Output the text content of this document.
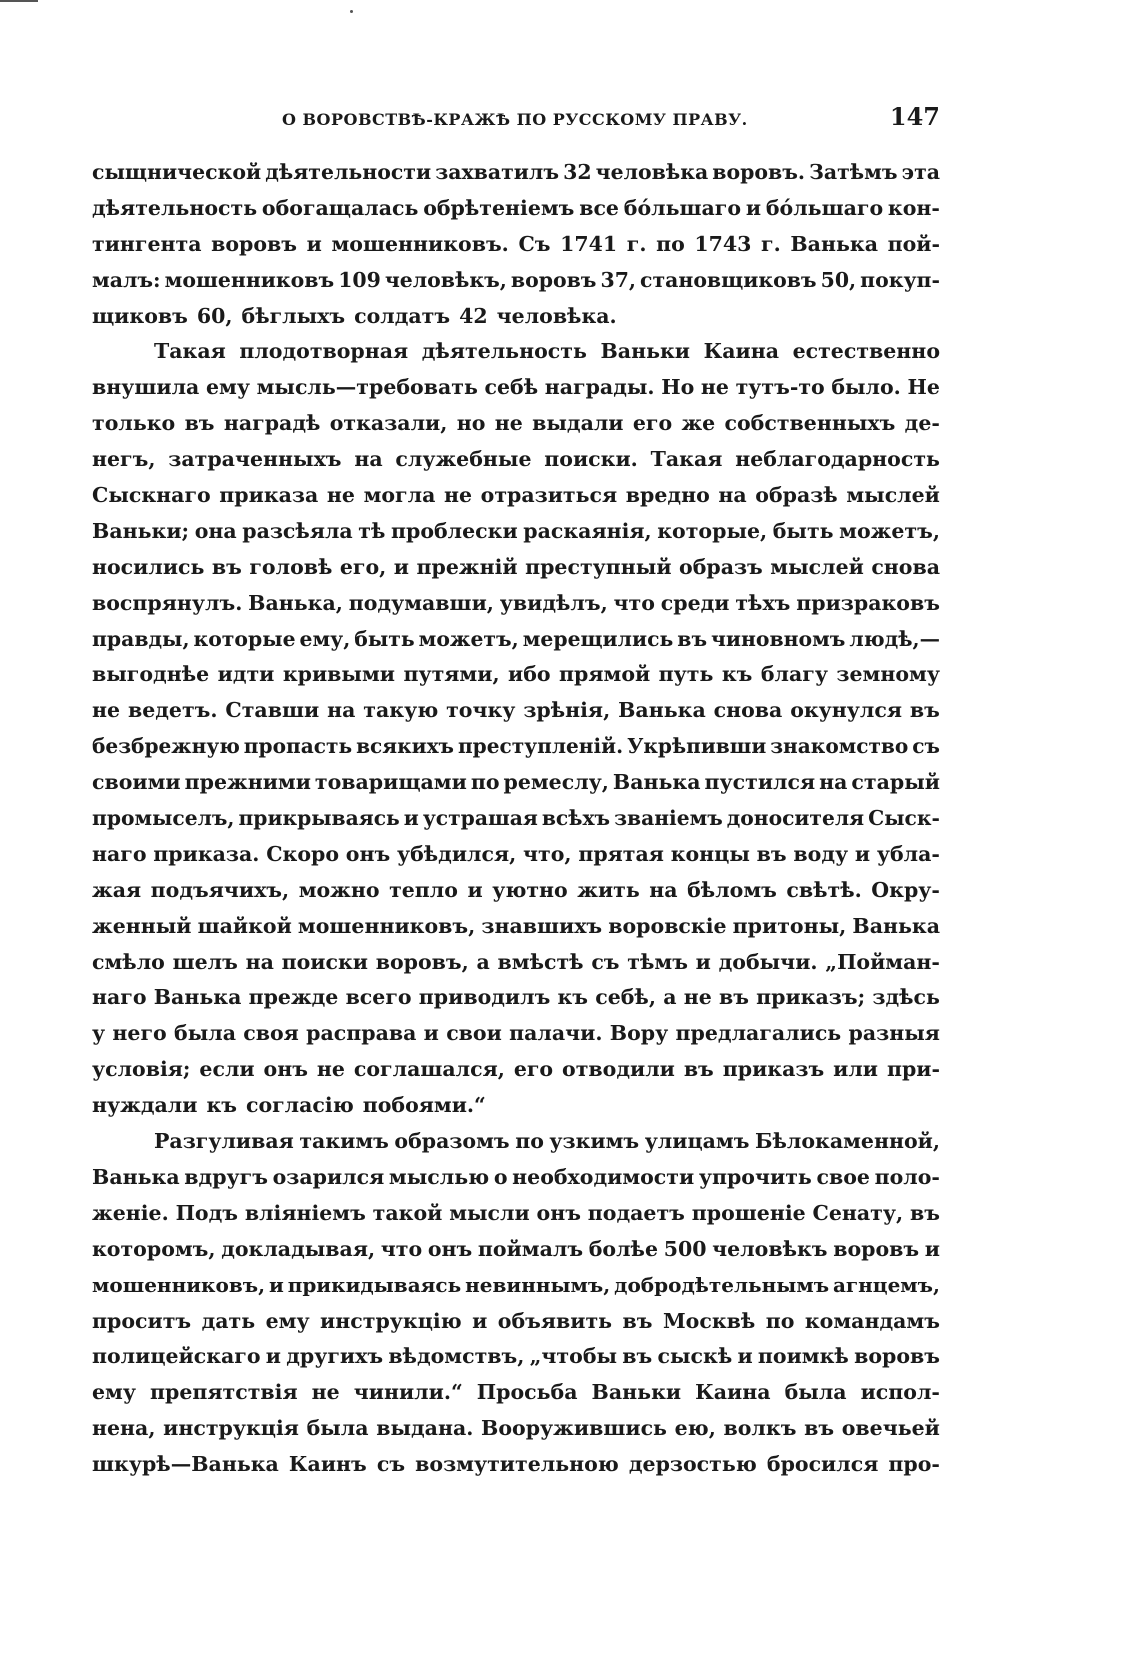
О ВОРОВСТВѢ-КРАЖѢ ПО РУССКОМУ ПРАВУ.	147
сыщнической дѣятельности захватилъ 32 человѣка воровъ. Затѣмъ эта
дѣятельность обогащалась обрѣтеніемъ все бóльшаго и бóльшаго кон-
тингента воровъ и мошенниковъ. Съ 1741 г. по 1743 г. Ванька пой-
малъ: мошенниковъ 109 человѣкъ, воровъ 37, становщиковъ 50, покуп-
щиковъ 60, бѣглыхъ солдатъ 42 человѣка.
Такая плодотворная дѣятельность Ваньки Каина естественно
внушила ему мысль—требовать себѣ награды. Но не тутъ-то было. Не
только въ наградѣ отказали, но не выдали его же собственныхъ де-
негъ, затраченныхъ на служебные поиски. Такая неблагодарность
Сыскнаго приказа не могла не отразиться вредно на образѣ мыслей
Ваньки; она разсѣяла тѣ проблески раскаянія, которые, быть можетъ,
носились въ головѣ его, и прежній преступный образъ мыслей снова
воспрянулъ. Ванька, подумавши, увидѣлъ, что среди тѣхъ призраковъ
правды, которые ему, быть можетъ, мерещились въ чиновномъ людѣ,—
выгоднѣе идти кривыми путями, ибо прямой путь къ благу земному
не ведетъ. Ставши на такую точку зрѣнія, Ванька снова окунулся въ
безбрежную пропасть всякихъ преступленій. Укрѣпивши знакомство съ
своими прежними товарищами по ремеслу, Ванька пустился на старый
промыселъ, прикрываясь и устрашая всѣхъ званіемъ доносителя Сыск-
наго приказа. Скоро онъ убѣдился, что, прятая концы въ воду и ублa-
жая подъячихъ, можно тепло и уютно жить на бѣломъ свѣтѣ. Окру-
женный шайкой мошенниковъ, знавшихъ воровскіе притоны, Ванька
смѣло шелъ на поиски воровъ, а вмѣстѣ съ тѣмъ и добычи. „Пойман-
наго Ванька прежде всего приводилъ къ себѣ, а не въ приказъ; здѣсь
у него была своя расправа и свои палачи. Вору предлагались разныя
условія; если онъ не соглашался, его отводили въ приказъ или при-
нуждали къ согласію побоями.“
Разгуливая такимъ образомъ по узкимъ улицамъ Бѣлокаменной,
Ванька вдругъ озарился мыслью о необходимости упрочить свое поло-
женіе. Подъ вліяніемъ такой мысли онъ подаетъ прошеніе Сенату, въ
которомъ, докладывая, что онъ поймалъ болѣе 500 человѣкъ воровъ и
мошенниковъ, и прикидываясь невиннымъ, добродѣтельнымъ агнцемъ,
проситъ дать ему инструкцію и объявить въ Москвѣ по командамъ
полицейскаго и другихъ вѣдомствъ, „чтобы въ сыскѣ и поимкѣ воровъ
ему препятствія не чинили.“ Просьба Ваньки Каина была испол-
нена, инструкція была выдана. Вооружившись ею, волкъ въ овечьей
шкурѣ—Ванька Каинъ съ возмутительною дерзостью бросился про-
